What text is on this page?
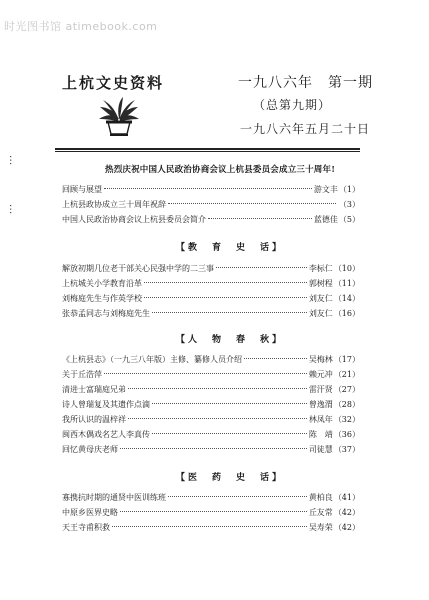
时光图书馆 atimebook.com
上杭文史资料	一九八六年　第一期
（总第九期）
一九八六年五月二十日
⫶
⫶
热烈庆祝中国人民政治协商会议上杭县委员会成立三十周年!
回顾与展望	游文丰 （1）
上杭县政协成立三十周年祝辞	（3）
中国人民政治协商会议上杭县委员会简介	蓝德佳 （5）
【教　育　史　话】
解放初期几位老干部关心民强中学的二三事	李标仁 （10）
上杭城关小学教育沿革	郭树程 （11）
刘梅庭先生与作英学校	刘友仁 （14）
张恭孟同志与刘梅庭先生	刘友仁 （16）
【人　物　春　秋】
《上杭县志》（一九三八年版）主修、纂修人员介绍	吴梅林 （17）
关于丘浩萍	赖元冲 （21）
清进士富瑞庭兄弟	雷汗贤 （27）
诗人曾瑞复及其遗作点滴	曾逸渭 （28）
我所认识的温梓祥	林凤年 （32）
闽西木偶戏名艺人李真传	陈　靖 （36）
回忆黄母庆老师	司徒慧 （37）
【医　药　史　话】
寡携抗时期的通贤中医训练班	黄柏良 （41）
中原乡医界史略	丘友常 （42）
天王寺甫积救	吴寿荣 （42）
